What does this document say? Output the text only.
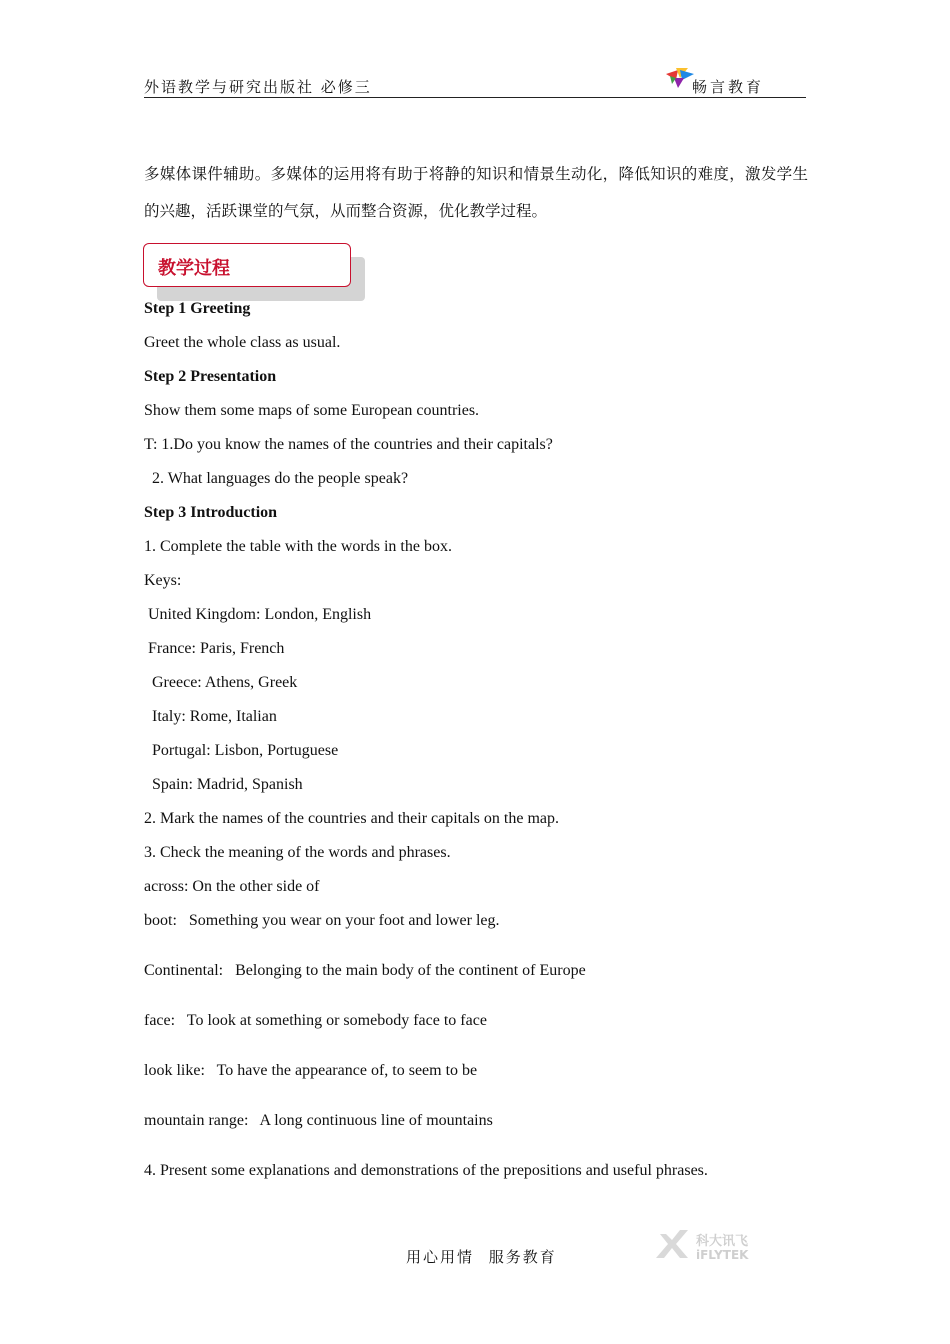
外语教学与研究出版社 必修三	畅言教育

多媒体课件辅助。多媒体的运用将有助于将静的知识和情景生动化，降低知识的难度，激发学生的兴趣，活跃课堂的气氛，从而整合资源，优化教学过程。

教学过程
Step 1 Greeting
Greet the whole class as usual.
Step 2 Presentation
Show them some maps of some European countries.
T: 1.Do you know the names of the countries and their capitals?
2. What languages do the people speak?
Step 3 Introduction
1. Complete the table with the words in the box.
Keys:
United Kingdom: London, English
France: Paris, French
Greece: Athens, Greek
Italy: Rome, Italian
Portugal: Lisbon, Portuguese
Spain: Madrid, Spanish
2. Mark the names of the countries and their capitals on the map.
3. Check the meaning of the words and phrases.
across: On the other side of
boot:   Something you wear on your foot and lower leg.
Continental:   Belonging to the main body of the continent of Europe
face:   To look at something or somebody face to face
look like:   To have the appearance of, to seem to be
mountain range:   A long continuous line of mountains
4. Present some explanations and demonstrations of the prepositions and useful phrases.
用心用情 服务教育
科大讯飞
iFLYTEK
